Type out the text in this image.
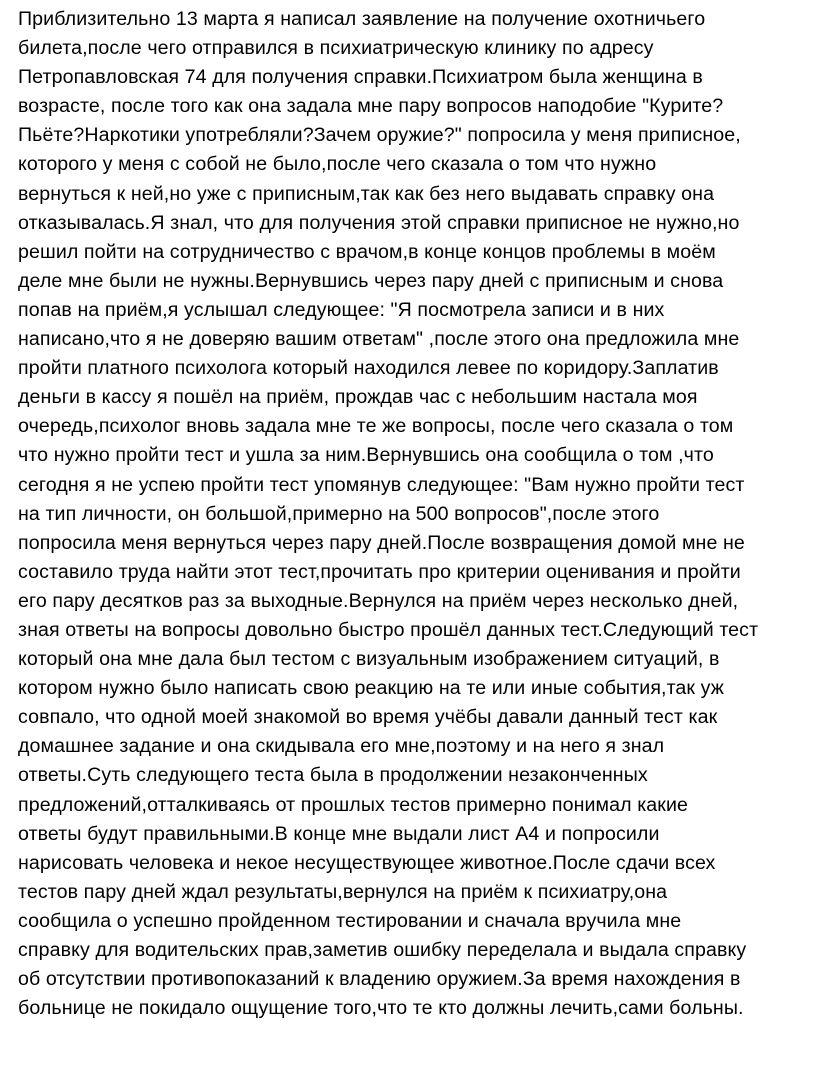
Приблизительно 13 марта я написал заявление на получение охотничьего
билета,после чего отправился в психиатрическую клинику по адресу
Петропавловская 74 для получения справки.Психиатром была женщина в
возрасте, после того как она задала мне пару вопросов наподобие "Курите?
Пьёте?Наркотики употребляли?Зачем оружие?" попросила у меня приписное,
которого у меня с собой не было,после чего сказала о том что нужно
вернуться к ней,но уже с приписным,так как без него выдавать справку она
отказывалась.Я знал, что для получения этой справки приписное не нужно,но
решил пойти на сотрудничество с врачом,в конце концов проблемы в моём
деле мне были не нужны.Вернувшись через пару дней с приписным и снова
попав на приём,я услышал следующее: "Я посмотрела записи и в них
написано,что я не доверяю вашим ответам" ,после этого она предложила мне
пройти платного психолога который находился левее по коридору.Заплатив
деньги в кассу я пошёл на приём, прождав час с небольшим настала моя
очередь,психолог вновь задала мне те же вопросы, после чего сказала о том
что нужно пройти тест и ушла за ним.Вернувшись она сообщила о том ,что
сегодня я не успею пройти тест упомянув следующее: "Вам нужно пройти тест
на тип личности, он большой,примерно на 500 вопросов",после этого
попросила меня вернуться через пару дней.После возвращения домой мне не
составило труда найти этот тест,прочитать про критерии оценивания и пройти
его пару десятков раз за выходные.Вернулся на приём через несколько дней,
зная ответы на вопросы довольно быстро прошёл данных тест.Следующий тест
который она мне дала был тестом с визуальным изображением ситуаций, в
котором нужно было написать свою реакцию на те или иные события,так уж
совпало, что одной моей знакомой во время учёбы давали данный тест как
домашнее задание и она скидывала его мне,поэтому и на него я знал
ответы.Суть следующего теста была в продолжении незаконченных
предложений,отталкиваясь от прошлых тестов примерно понимал какие
ответы будут правильными.В конце мне выдали лист А4 и попросили
нарисовать человека и некое несуществующее животное.После сдачи всех
тестов пару дней ждал результаты,вернулся на приём к психиатру,она
сообщила о успешно пройденном тестировании и сначала вручила мне
справку для водительских прав,заметив ошибку переделала и выдала справку
об отсутствии противопоказаний к владению оружием.За время нахождения в
больнице не покидало ощущение того,что те кто должны лечить,сами больны.
